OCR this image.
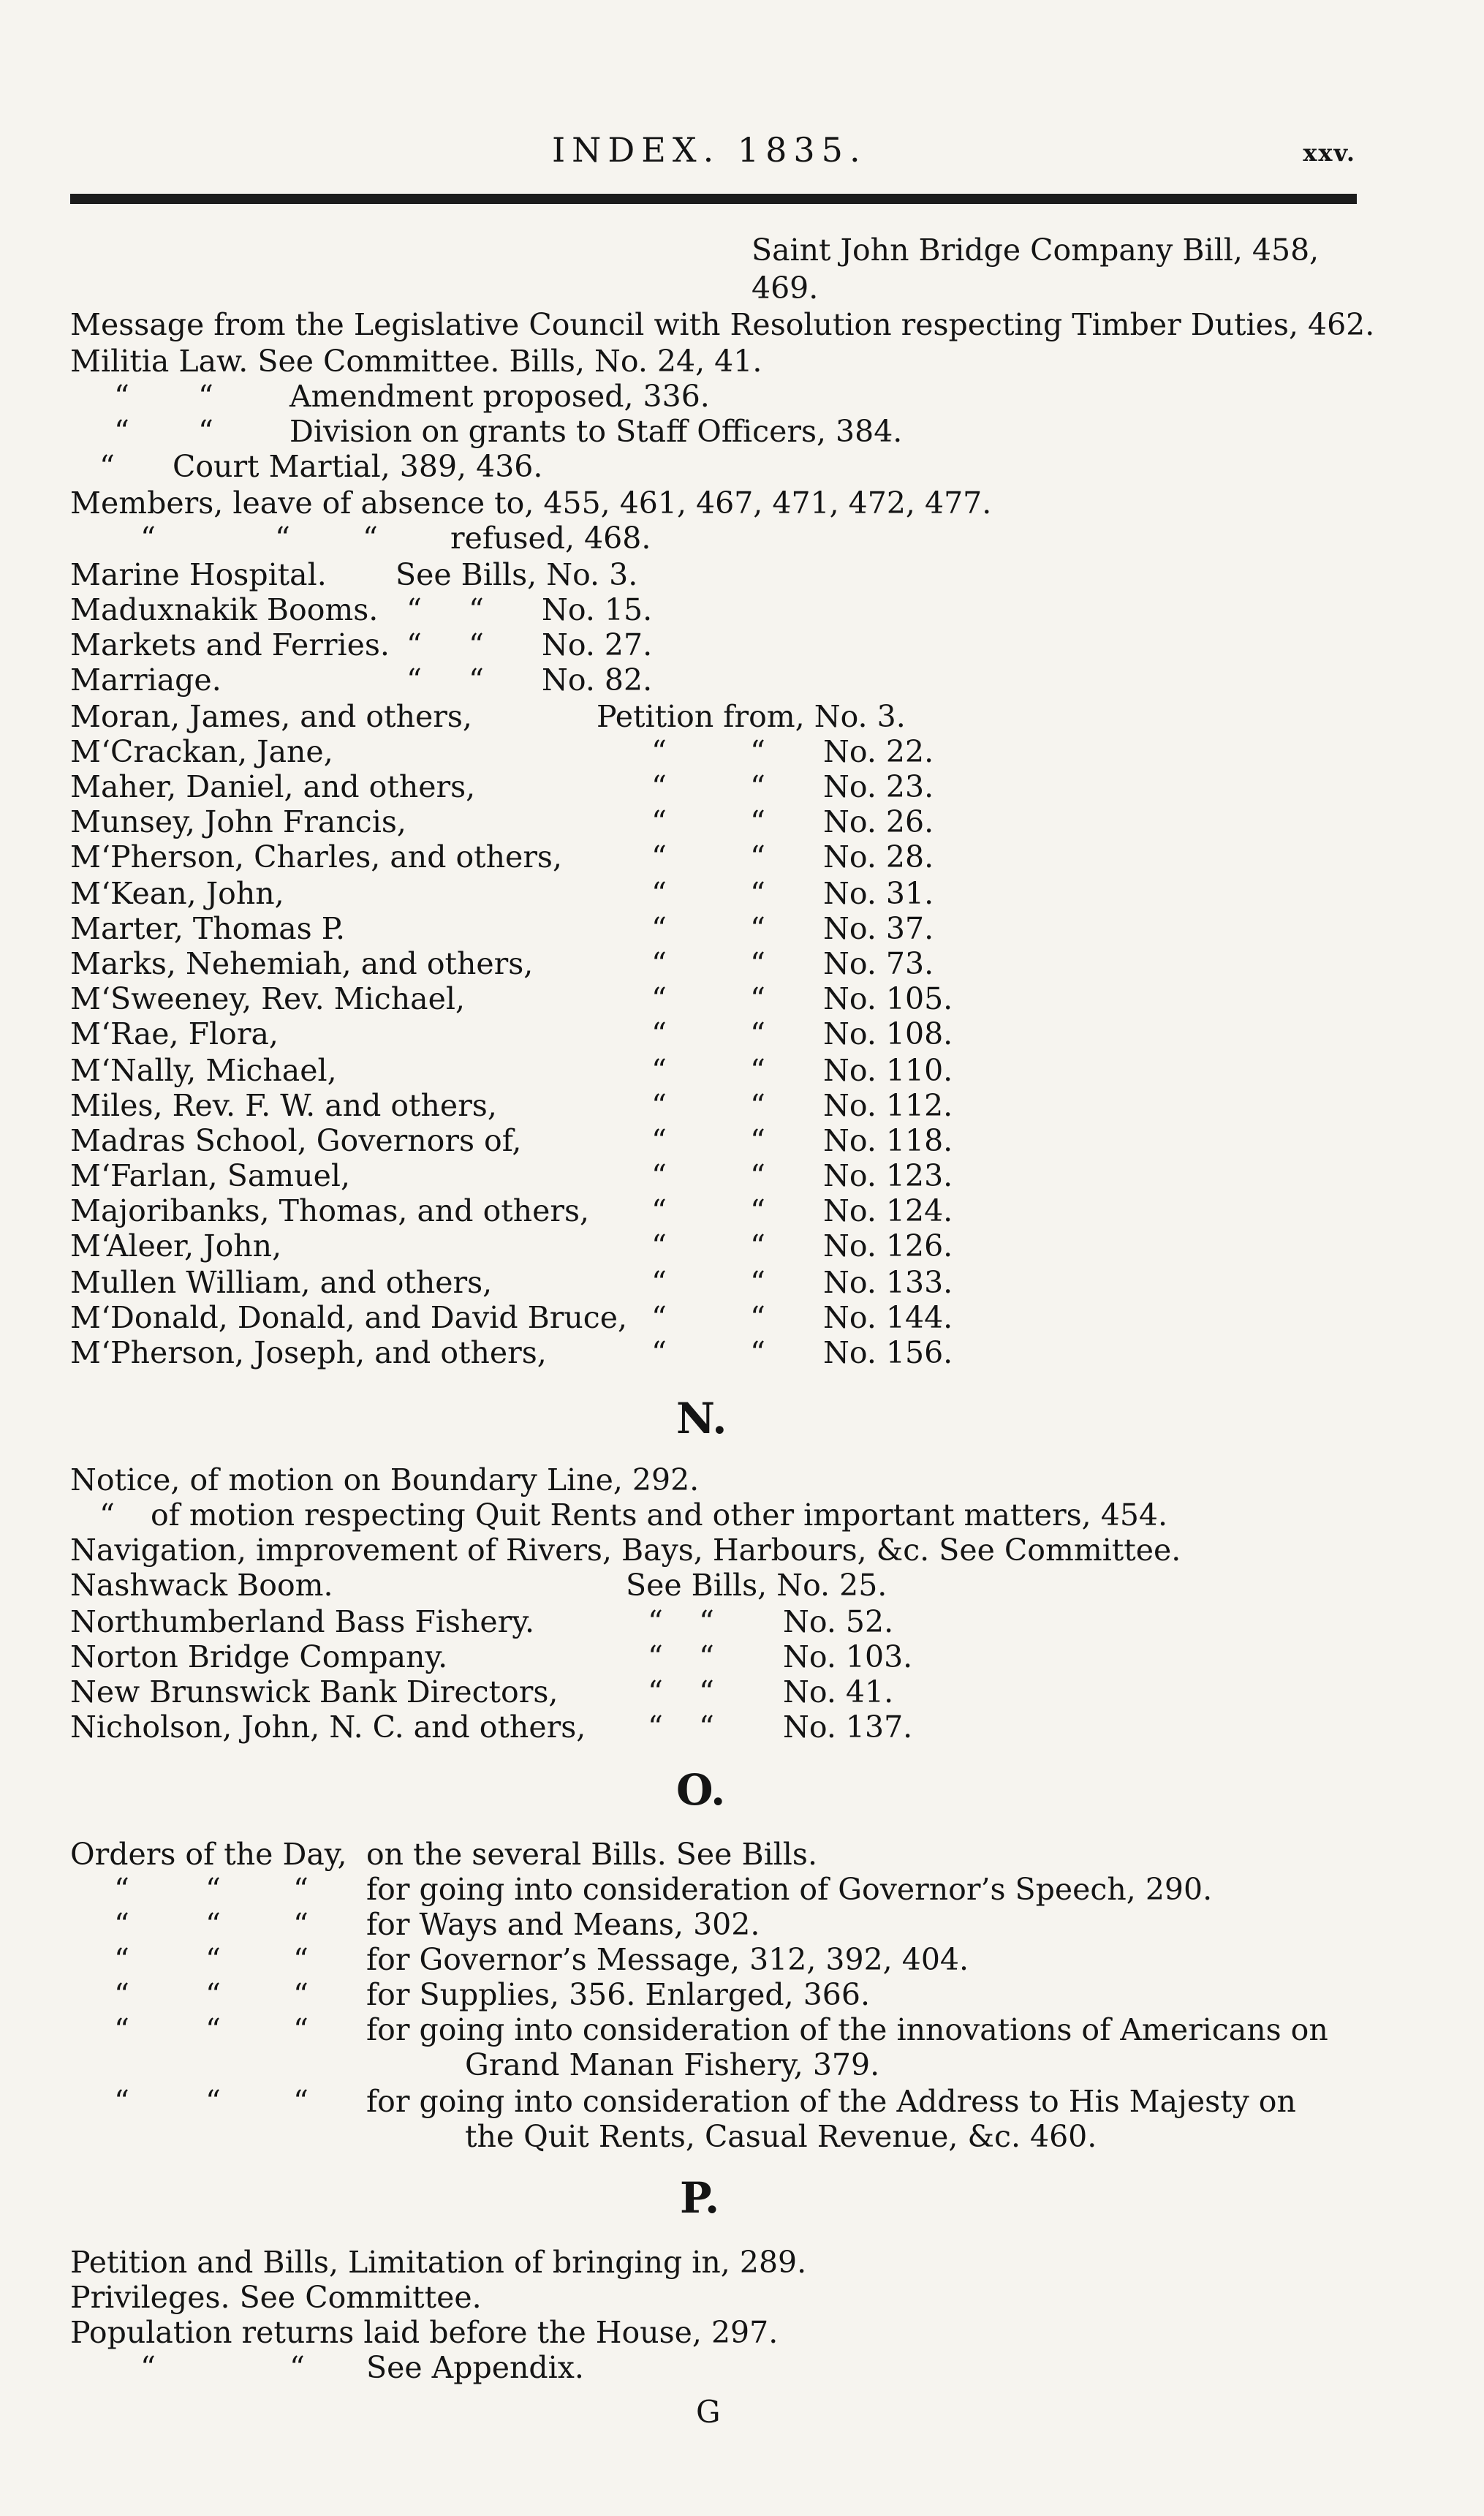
INDEX. 1835.	xxv.
Saint John Bridge Company Bill, 458,
469.
Message from the Legislative Council with Resolution respecting Timber Duties, 462.
Militia Law. See Committee. Bills, No. 24, 41.
“ “	Amendment proposed, 336.
“ “	Division on grants to Staff Officers, 384.
“ Court Martial, 389, 436.
Members, leave of absence to, 455, 461, 467, 471, 472, 477.
“	“ “ refused, 468.
Marine Hospital. See Bills, No. 3.
Maduxnakik Booms. “ “ No. 15.
Markets and Ferries. “ “ No. 27.
Marriage.	“ “ No. 82.
Moran, James, and others,	Petition from, No. 3.
M‘Crackan, Jane,	“	“ No. 22.
Maher, Daniel, and others,	“	“ No. 23.
Munsey, John Francis,	“	“ No. 26.
M‘Pherson, Charles, and others,	“	“ No. 28.
M‘Kean, John,	“	“ No. 31.
Marter, Thomas P.	“	“ No. 37.
Marks, Nehemiah, and others,	“	“ No. 73.
M‘Sweeney, Rev. Michael,	“	“ No. 105.
M‘Rae, Flora,	“	“ No. 108.
M‘Nally, Michael,	“	“ No. 110.
Miles, Rev. F. W. and others,	“	“ No. 112.
Madras School, Governors of,	“	“ No. 118.
M‘Farlan, Samuel,	“	“ No. 123.
Majoribanks, Thomas, and others, “	“ No. 124.
M‘Aleer, John,	“	“ No. 126.
Mullen William, and others,	“	“ No. 133.
M‘Donald, Donald, and David Bruce, “	“ No. 144.
M‘Pherson, Joseph, and others,	“	“ No. 156.
Notice, of motion on Boundary Line, 292.
“ of motion respecting Quit Rents and other important matters, 454.
Navigation, improvement of Rivers, Bays, Harbours, &c. See Committee.
Nashwack Boom.	See Bills, No. 25.
Northumberland Bass Fishery.	“ “ No. 52.
Norton Bridge Company.	“ “ No. 103.
New Brunswick Bank Directors,	“ “ No. 41.
Nicholson, John, N. C. and others, “ “ No. 137.
Orders of the Day, on the several Bills. See Bills.
“	“ “ for going into consideration of Governor’s Speech, 290.
“	“ “ for Ways and Means, 302.
“	“ “ for Governor’s Message, 312, 392, 404.
“	“ “ for Supplies, 356. Enlarged, 366.
“	“ “ for going into consideration of the innovations of Americans on
Grand Manan Fishery, 379.
“	“ “ for going into consideration of the Address to His Majesty on
the Quit Rents, Casual Revenue, &c. 460.
Petition and Bills, Limitation of bringing in, 289.
Privileges. See Committee.
Population returns laid before the House, 297.
“	“ See Appendix.
N.
O.
P.
G
